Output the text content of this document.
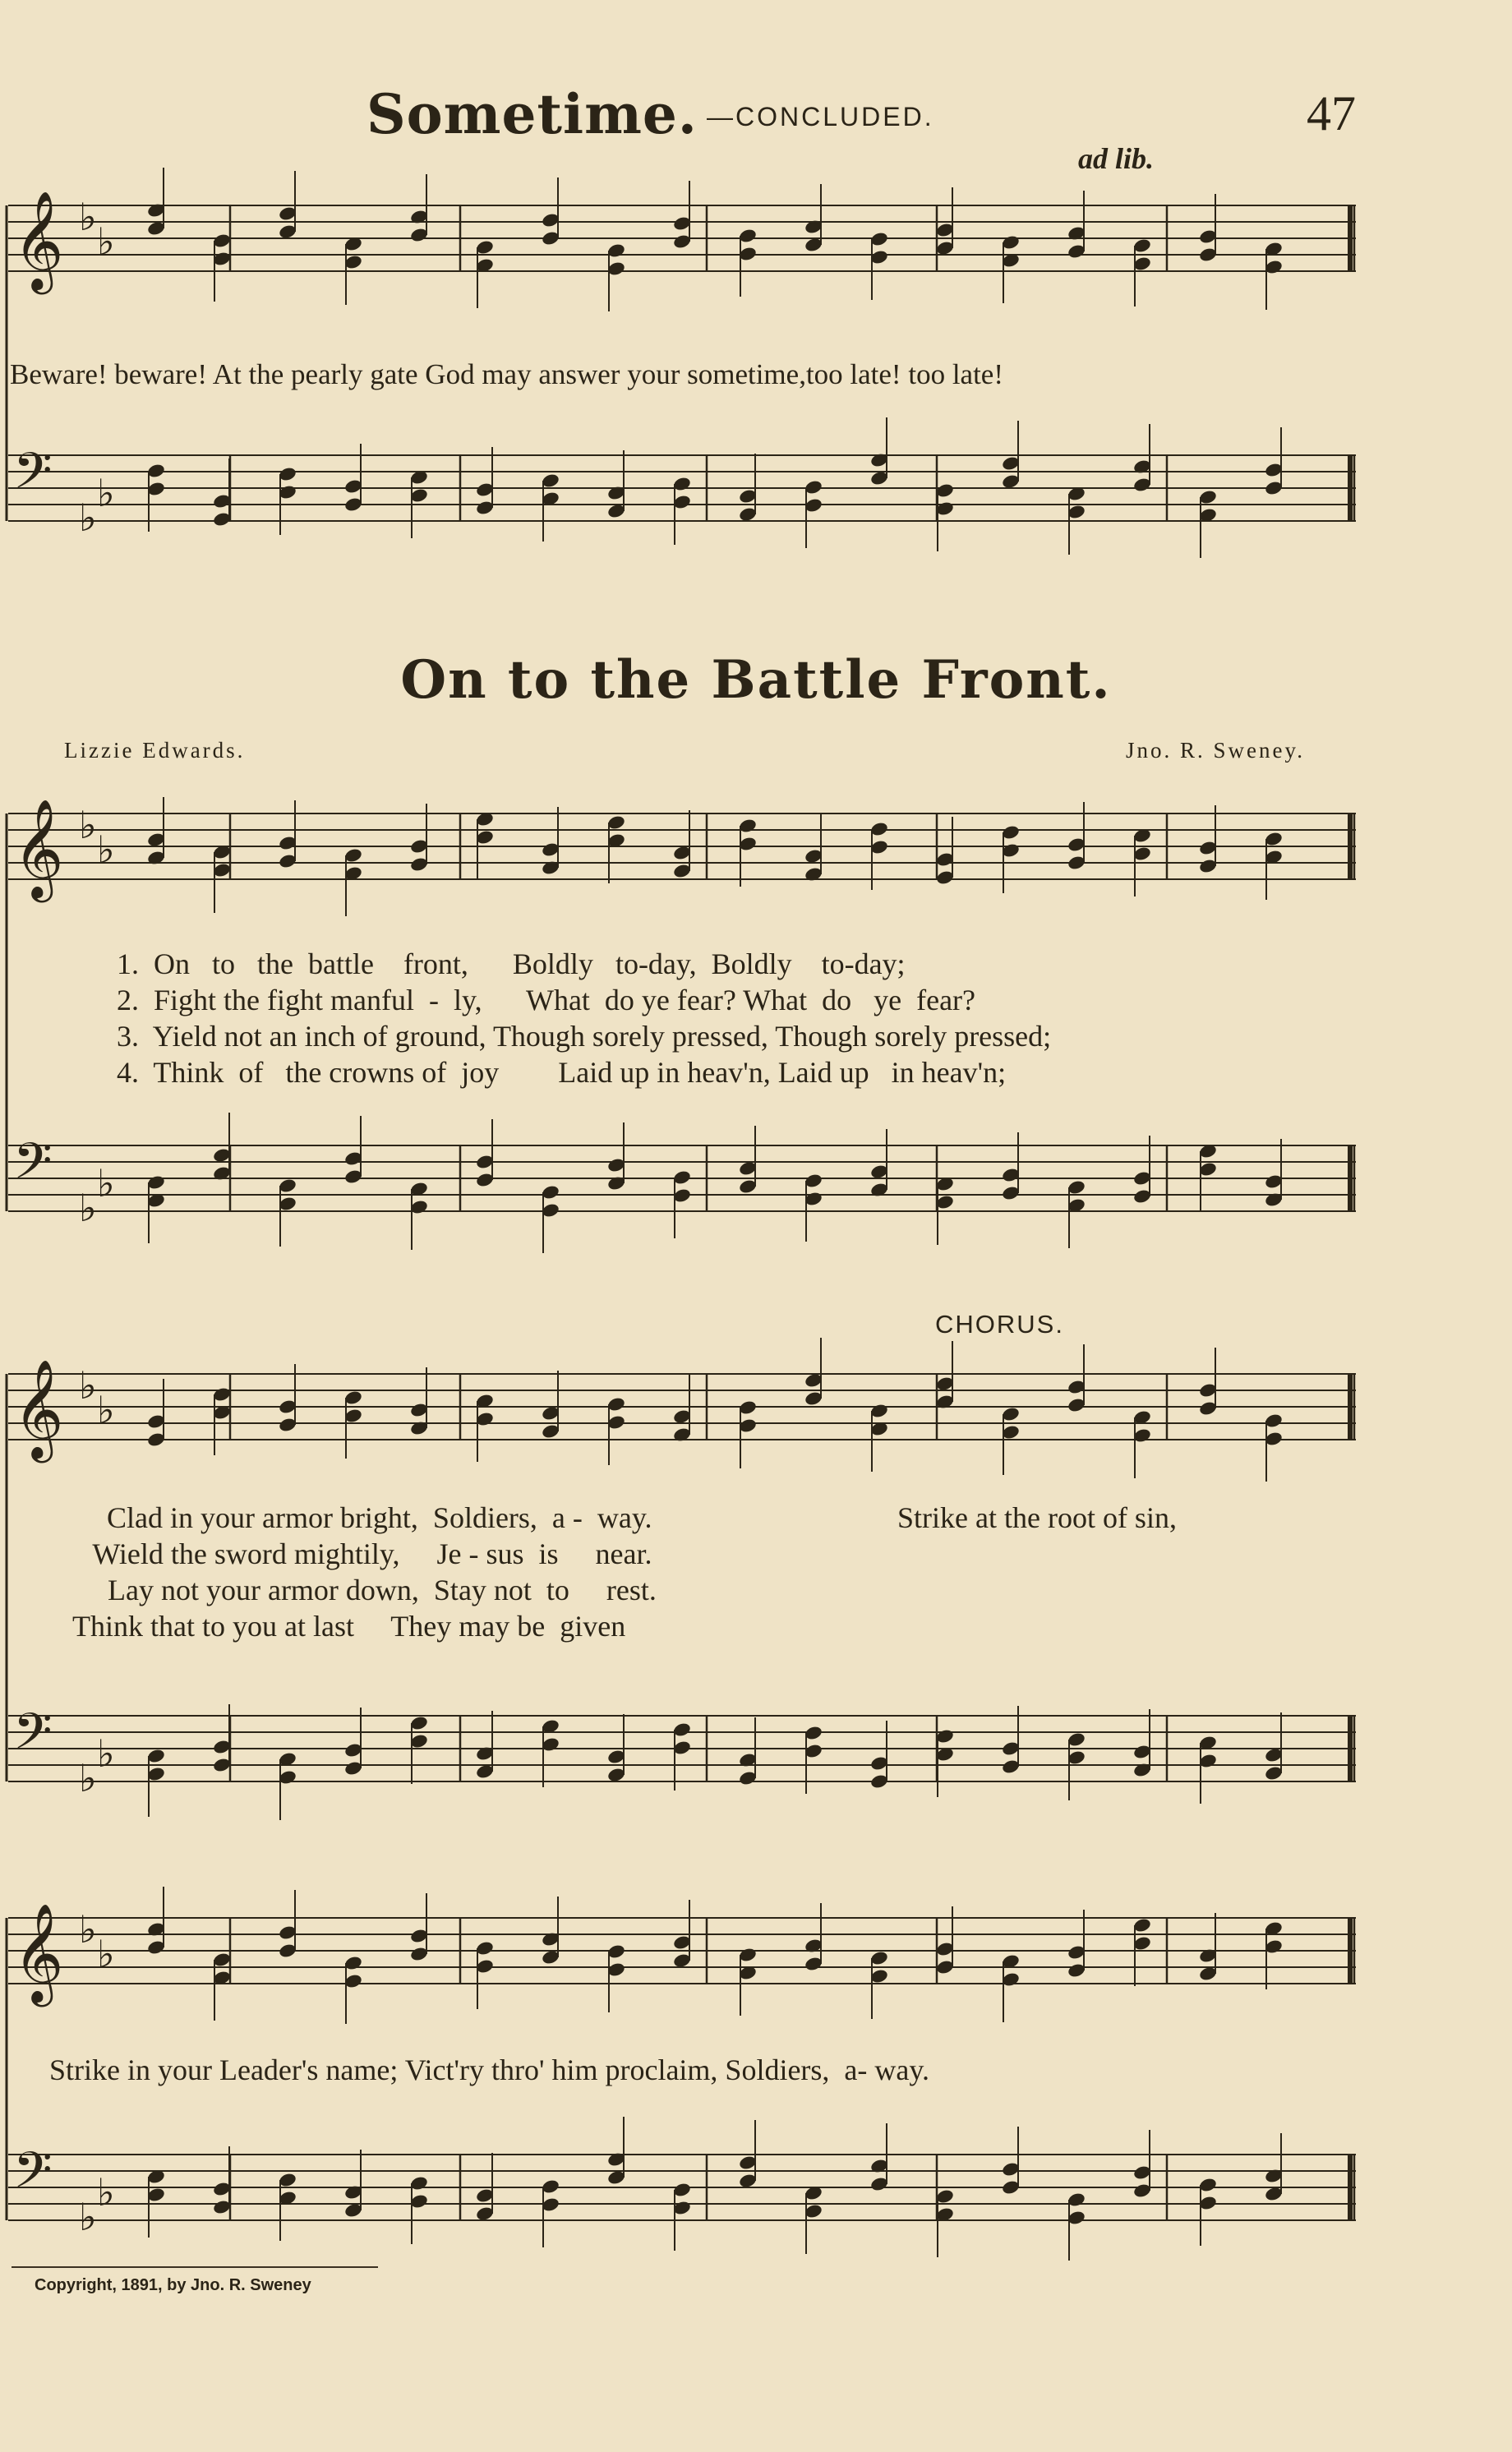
𝄞 ♭
♭
𝄢
♭
♭
𝄞 ♭
♭
𝄢
♭
♭
𝄞 ♭
♭
𝄢
♭
♭
𝄞 ♭
♭
𝄢
♭
♭
Sometime. —CONCLUDED.	47
ad lib.
Beware! beware! At the pearly gate God may answer your sometime,too late! too late!
On to the Battle Front.
Lizzie Edwards.	Jno. R. Sweney.
1.  On   to   the  battle    front,      Boldly   to-day,  Boldly    to-day;
2.  Fight the fight manful  -  ly,      What  do ye fear? What  do   ye  fear?
3.  Yield not an inch of ground, Though sorely pressed, Though sorely pressed;
4.  Think  of   the crowns of  joy        Laid up in heav'n, Laid up   in heav'n;
CHORUS.
Clad in your armor bright,  Soldiers,  a -  way.
Wield the sword mightily,     Je - sus  is     near.
Lay not your armor down,  Stay not  to     rest.
Think that to you at last     They may be  given
Strike at the root of sin,
Strike in your Leader's name; Vict'ry thro' him proclaim, Soldiers,  a- way.
Copyright, 1891, by Jno. R. Sweney
